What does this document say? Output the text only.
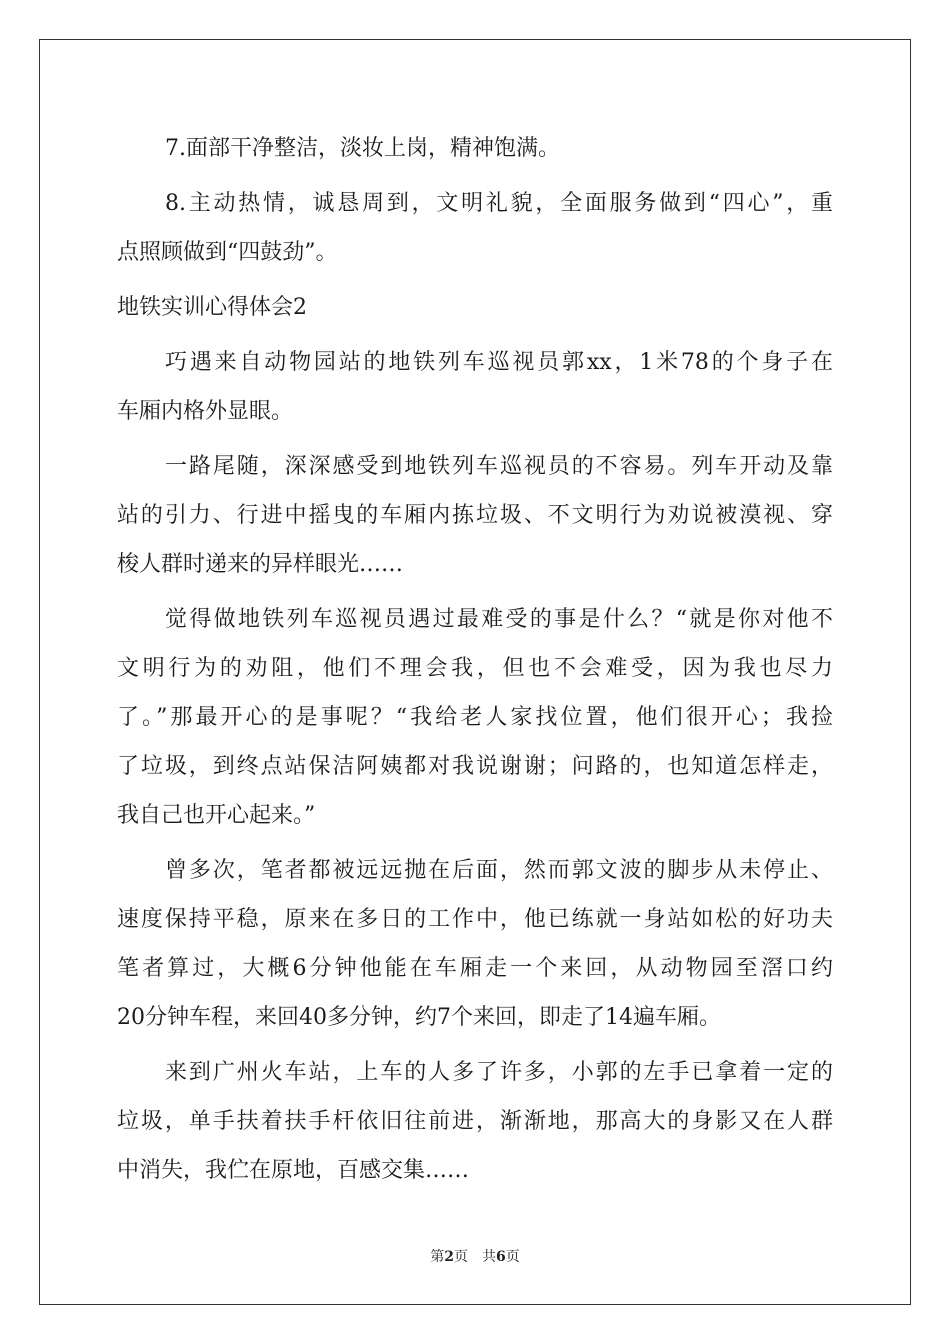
7.面部干净整洁，淡妆上岗，精神饱满。
8.主动热情，诚恳周到，文明礼貌，全面服务做到“四心”，重
点照顾做到“四鼓劲”。
地铁实训心得体会2
巧遇来自动物园站的地铁列车巡视员郭xx，1米78的个身子在
车厢内格外显眼。
一路尾随，深深感受到地铁列车巡视员的不容易。列车开动及靠
站的引力、行进中摇曳的车厢内拣垃圾、不文明行为劝说被漠视、穿
梭人群时递来的异样眼光……
觉得做地铁列车巡视员遇过最难受的事是什么？“就是你对他不
文明行为的劝阻，他们不理会我，但也不会难受，因为我也尽力
了。”那最开心的是事呢？“我给老人家找位置，他们很开心；我捡
了垃圾，到终点站保洁阿姨都对我说谢谢；问路的，也知道怎样走，
我自己也开心起来。”
曾多次，笔者都被远远抛在后面，然而郭文波的脚步从未停止、
速度保持平稳，原来在多日的工作中，他已练就一身站如松的好功夫
笔者算过，大概6分钟他能在车厢走一个来回，从动物园至滘口约
20分钟车程，来回40多分钟，约7个来回，即走了14遍车厢。
来到广州火车站，上车的人多了许多，小郭的左手已拿着一定的
垃圾，单手扶着扶手杆依旧往前进，渐渐地，那高大的身影又在人群
中消失，我伫在原地，百感交集……
第2页 共6页
